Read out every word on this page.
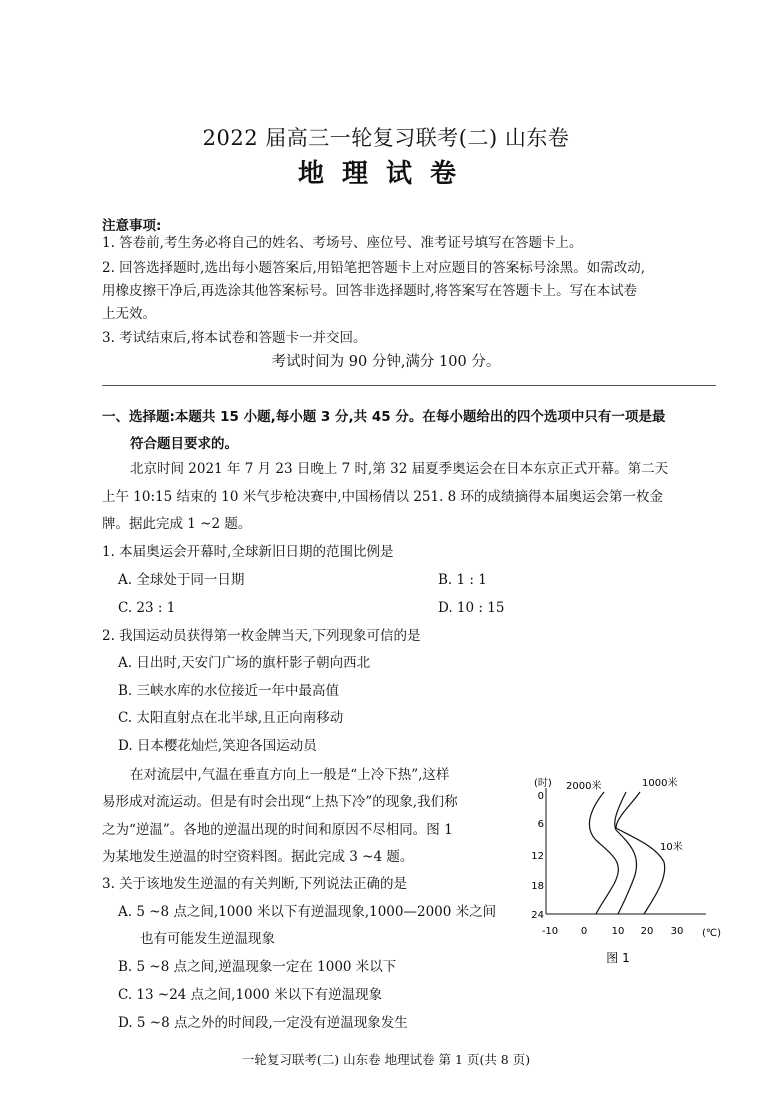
2022 届高三一轮复习联考(二) 山东卷
地理试卷
注意事项:
1. 答卷前,考生务必将自己的姓名、考场号、座位号、准考证号填写在答题卡上。
2. 回答选择题时,选出每小题答案后,用铅笔把答题卡上对应题目的答案标号涂黑。如需改动,
用橡皮擦干净后,再选涂其他答案标号。回答非选择题时,将答案写在答题卡上。写在本试卷
上无效。
3. 考试结束后,将本试卷和答题卡一并交回。
考试时间为 90 分钟,满分 100 分。
一、选择题:本题共 15 小题,每小题 3 分,共 45 分。在每小题给出的四个选项中只有一项是最
符合题目要求的。
北京时间 2021 年 7 月 23 日晚上 7 时,第 32 届夏季奥运会在日本东京正式开幕。第二天
上午 10:15 结束的 10 米气步枪决赛中,中国杨倩以 251. 8 环的成绩摘得本届奥运会第一枚金
牌。据此完成 1 ~2 题。
1. 本届奥运会开幕时,全球新旧日期的范围比例是
A. 全球处于同一日期	B. 1 : 1
C. 23 : 1	D. 10 : 15
2. 我国运动员获得第一枚金牌当天,下列现象可信的是
A. 日出时,天安门广场的旗杆影子朝向西北
B. 三峡水库的水位接近一年中最高值
C. 太阳直射点在北半球,且正向南移动
D. 日本樱花灿烂,笑迎各国运动员
在对流层中,气温在垂直方向上一般是“上冷下热”,这样
易形成对流运动。但是有时会出现“上热下冷”的现象,我们称
之为“逆温”。各地的逆温出现的时间和原因不尽相同。图 1
为某地发生逆温的时空资料图。据此完成 3 ~4 题。
3. 关于该地发生逆温的有关判断,下列说法正确的是
A. 5 ~8 点之间,1000 米以下有逆温现象,1000—2000 米之间
也有可能发生逆温现象
B. 5 ~8 点之间,逆温现象一定在 1000 米以下
C. 13 ~24 点之间,1000 米以下有逆温现象
D. 5 ~8 点之外的时间段,一定没有逆温现象发生
(时)
(℃)
0
6
12
18
24
-10 0 10 20 30
2000米	1000米
10米
图 1
一轮复习联考(二) 山东卷 地理试卷 第 1 页(共 8 页)
